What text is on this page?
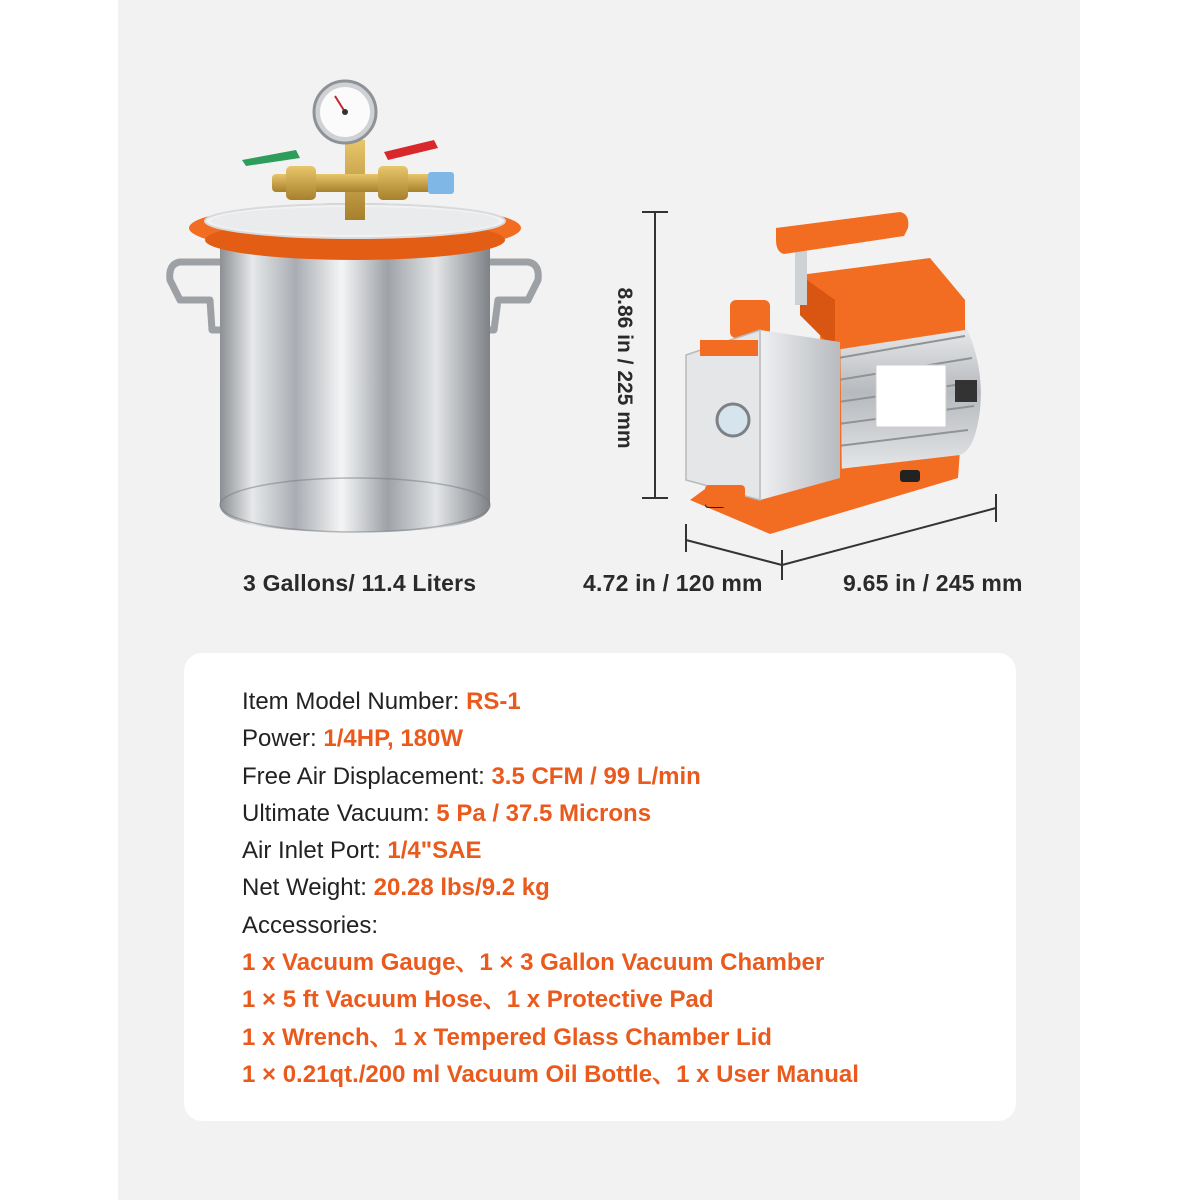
3 Gallons/ 11.4 Liters
8.86 in / 225 mm
4.72 in / 120 mm	9.65 in / 245 mm
Item Model Number: RS-1
Power: 1/4HP, 180W
Free Air Displacement: 3.5 CFM / 99 L/min
Ultimate Vacuum: 5 Pa / 37.5 Microns
Air Inlet Port: 1/4"SAE
Net Weight: 20.28 lbs/9.2 kg
Accessories:
1 x Vacuum Gauge、1 × 3 Gallon Vacuum Chamber
1 × 5 ft Vacuum Hose、1 x Protective Pad
1 x Wrench、1 x Tempered Glass Chamber Lid
1 × 0.21qt./200 ml Vacuum Oil Bottle、1 x User Manual
